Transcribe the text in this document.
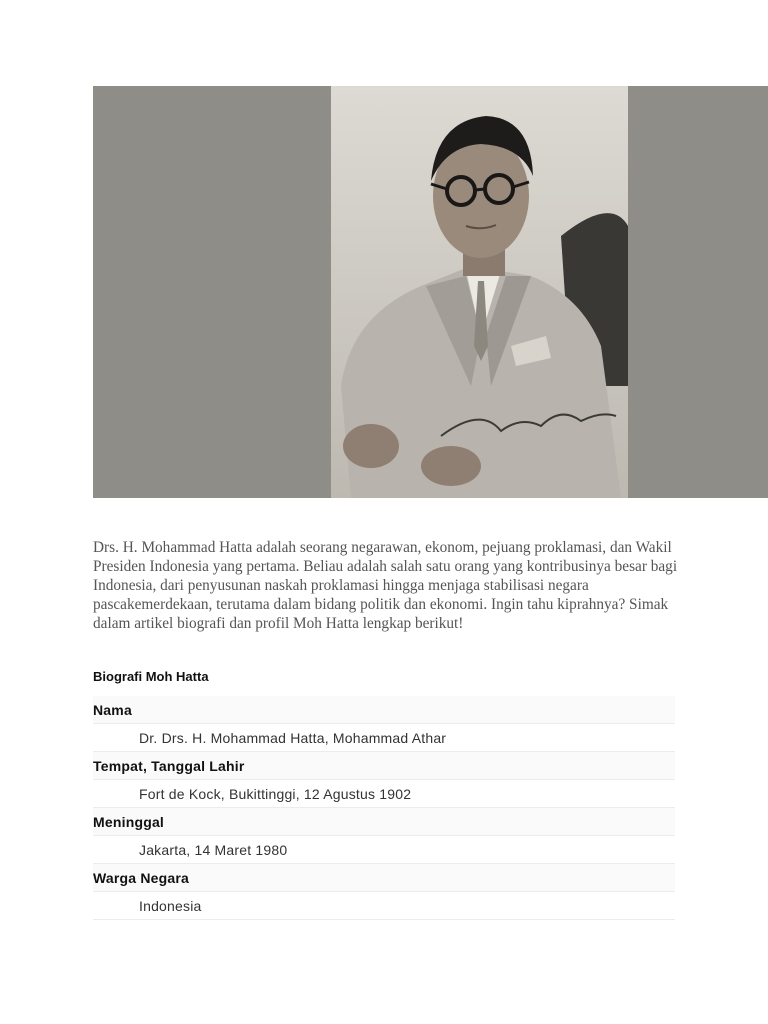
Drs. H. Mohammad Hatta adalah seorang negarawan, ekonom, pejuang proklamasi, dan Wakil Presiden Indonesia yang pertama. Beliau adalah salah satu orang yang kontribusinya besar bagi Indonesia, dari penyusunan naskah proklamasi hingga menjaga stabilisasi negara pascakemerdekaan, terutama dalam bidang politik dan ekonomi. Ingin tahu kiprahnya? Simak dalam artikel biografi dan profil Moh Hatta lengkap berikut!

Biografi Moh Hatta
Nama
Dr. Drs. H. Mohammad Hatta, Mohammad Athar
Tempat, Tanggal Lahir
Fort de Kock, Bukittinggi, 12 Agustus 1902
Meninggal
Jakarta, 14 Maret 1980
Warga Negara
Indonesia
